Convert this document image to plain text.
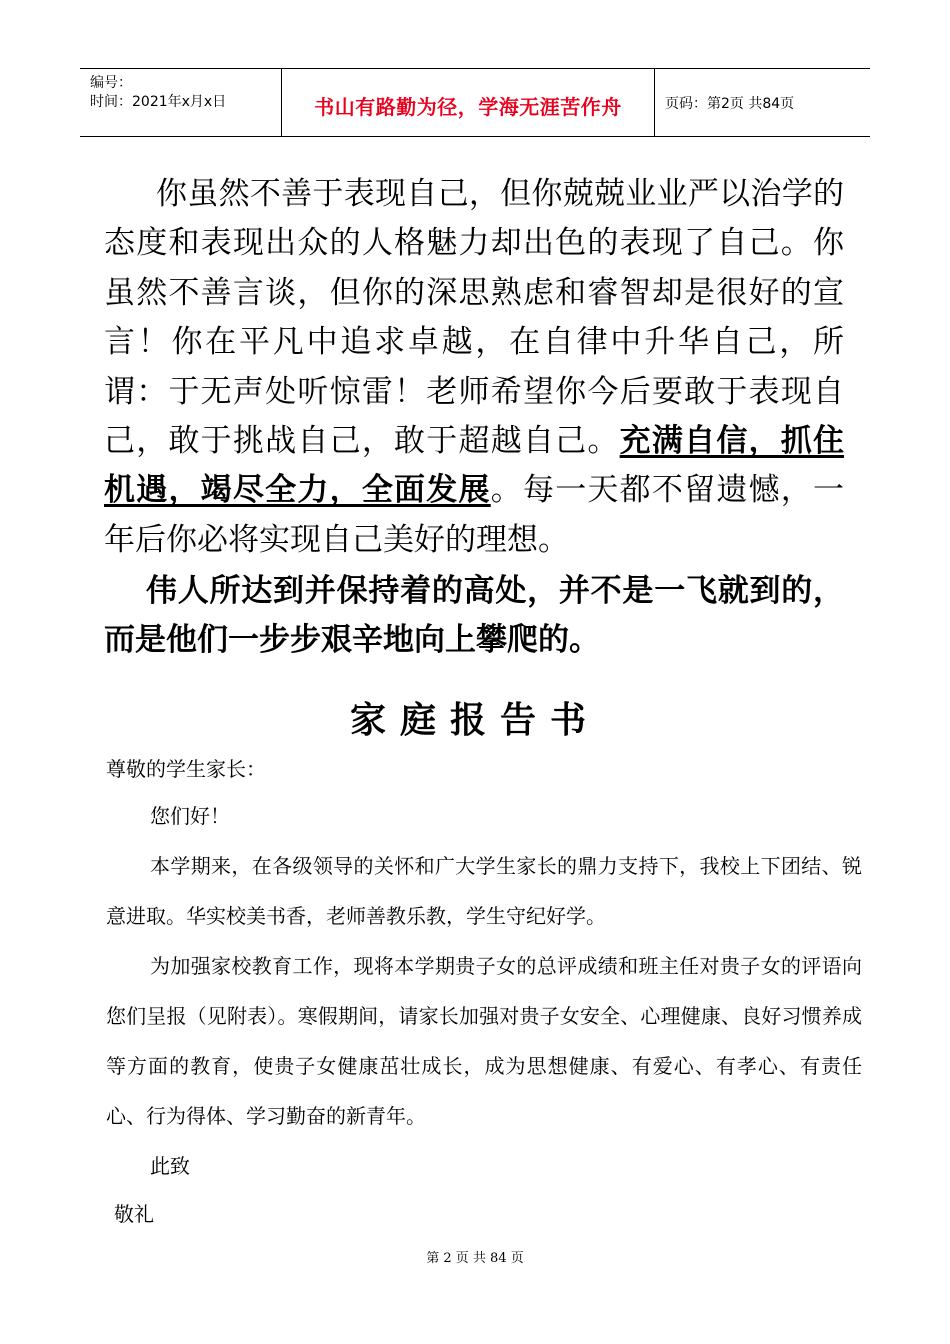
编号：
时间：2021年x月x日	书山有路勤为径，学海无涯苦作舟	页码：第2页 共84页
你虽然不善于表现自己，但你兢兢业业严以治学的态度和表现出众的人格魅力却出色的表现了自己。你虽然不善言谈，但你的深思熟虑和睿智却是很好的宣言！你在平凡中追求卓越，在自律中升华自己，所谓：于无声处听惊雷！老师希望你今后要敢于表现自己，敢于挑战自己，敢于超越自己。充满自信，抓住机遇，竭尽全力，全面发展。每一天都不留遗憾，一年后你必将实现自己美好的理想。
伟人所达到并保持着的高处，并不是一飞就到的，而是他们一步步艰辛地向上攀爬的。
家庭报告书
尊敬的学生家长：
您们好！
本学期来，在各级领导的关怀和广大学生家长的鼎力支持下，我校上下团结、锐意进取。华实校美书香，老师善教乐教，学生守纪好学。
为加强家校教育工作，现将本学期贵子女的总评成绩和班主任对贵子女的评语向您们呈报（见附表）。寒假期间，请家长加强对贵子女安全、心理健康、良好习惯养成等方面的教育，使贵子女健康茁壮成长，成为思想健康、有爱心、有孝心、有责任心、行为得体、学习勤奋的新青年。
此致
敬礼
第 2 页 共 84 页
